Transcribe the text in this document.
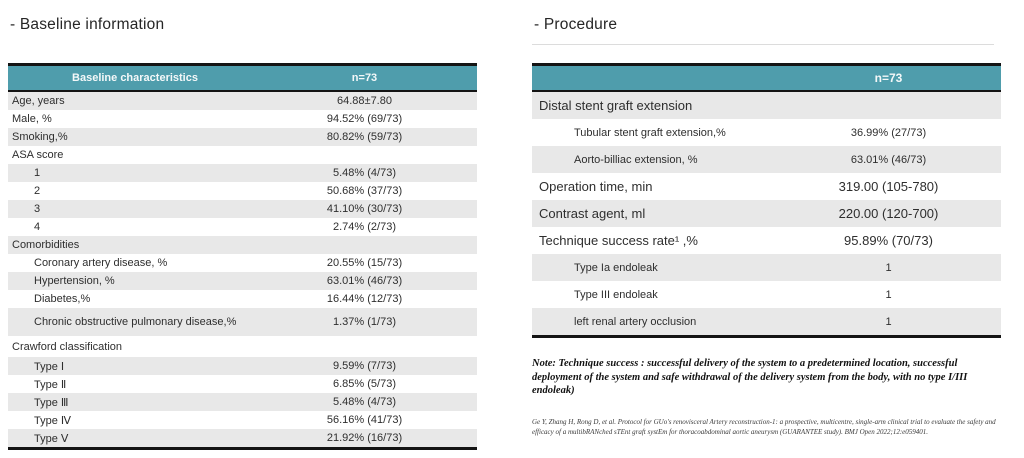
- Baseline information	- Procedure
Baseline characteristics	n=73
Age, years	64.88±7.80
Male, %	94.52% (69/73)
Smoking,%	80.82% (59/73)
ASA score
1	5.48% (4/73)
2	50.68% (37/73)
3	41.10% (30/73)
4	2.74% (2/73)
Comorbidities
Coronary artery disease, %	20.55% (15/73)
Hypertension, %	63.01% (46/73)
Diabetes,%	16.44% (12/73)
Chronic obstructive pulmonary disease,%	1.37% (1/73)
Crawford classification
Type Ⅰ	9.59% (7/73)
Type Ⅱ	6.85% (5/73)
Type Ⅲ	5.48% (4/73)
Type Ⅳ	56.16% (41/73)
Type Ⅴ	21.92% (16/73)
n=73
Distal stent graft extension
Tubular stent graft extension,%	36.99% (27/73)
Aorto-billiac extension, %	63.01% (46/73)
Operation time, min	319.00 (105-780)
Contrast agent, ml	220.00 (120-700)
Technique success rate¹ ,%	95.89% (70/73)
Type Ia endoleak	1
Type III endoleak	1
left renal artery occlusion	1
Note: Technique success : successful delivery of the system to a predetermined location, successful deployment of the system and safe withdrawal of the delivery system from the body, with no type I/III endoleak)
Ge Y, Zhang H, Rong D, et al. Protocol for GUo's renovisceral Artery reconstruction-1: a prospective, multicentre, single-arm clinical trial to evaluate the safety and efficacy of a multibRANched sTEnt graft systEm for thoracoabdominal aortic aneurysm (GUARANTEE study). BMJ Open 2022;12:e059401.
